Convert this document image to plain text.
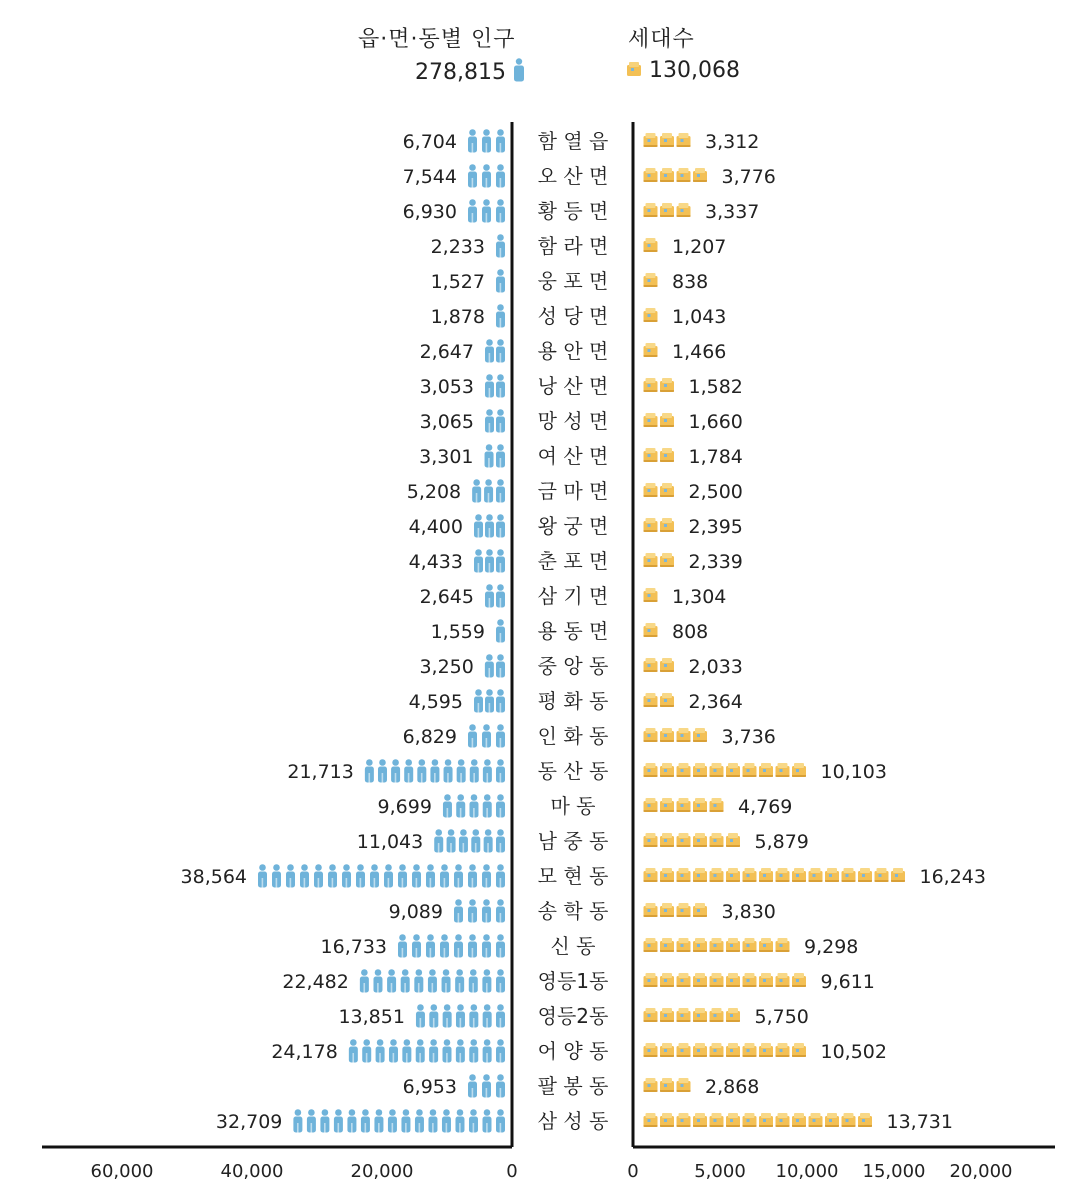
읍·면·동별 인구
278,815
세대수
130,068
60,000	40,000	20,000	0	0	5,000 10,000 15,000 20,000
함 열 읍
6,704	3,312
오 산 면
7,544	3,776
황 등 면
6,930	3,337
함 라 면
2,233	1,207
웅 포 면
1,527	838
성 당 면
1,878	1,043
용 안 면
2,647	1,466
낭 산 면
3,053	1,582
망 성 면
3,065	1,660
여 산 면
3,301	1,784
금 마 면
5,208	2,500
왕 궁 면
4,400	2,395
춘 포 면
4,433	2,339
삼 기 면
2,645	1,304
용 동 면
1,559	808
중 앙 동
3,250	2,033
평 화 동
4,595	2,364
인 화 동
6,829	3,736
동 산 동
21,713	10,103
마 동
9,699	4,769
남 중 동
11,043	5,879
모 현 동
38,564	16,243
송 학 동
9,089	3,830
신 동
16,733	9,298
영등1동
22,482	9,611
영등2동
13,851	5,750
어 양 동
24,178	10,502
팔 봉 동
6,953	2,868
삼 성 동
32,709	13,731
